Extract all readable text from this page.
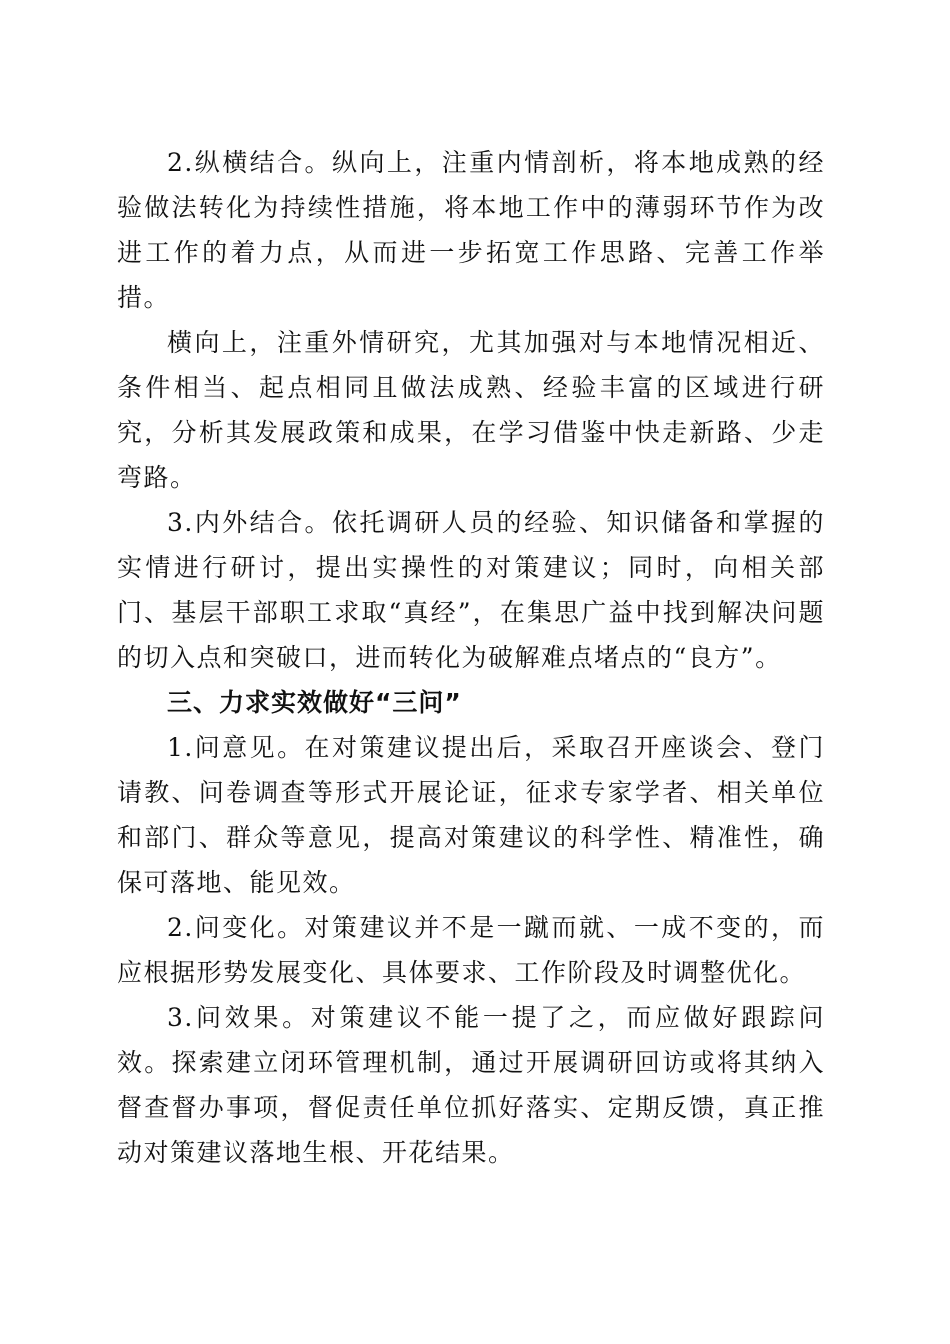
2.纵横结合。纵向上，注重内情剖析，将本地成熟的经验做法转化为持续性措施，将本地工作中的薄弱环节作为改进工作的着力点，从而进一步拓宽工作思路、完善工作举措。

横向上，注重外情研究，尤其加强对与本地情况相近、条件相当、起点相同且做法成熟、经验丰富的区域进行研究，分析其发展政策和成果，在学习借鉴中快走新路、少走弯路。

3.内外结合。依托调研人员的经验、知识储备和掌握的实情进行研讨，提出实操性的对策建议；同时，向相关部门、基层干部职工求取“真经”，在集思广益中找到解决问题的切入点和突破口，进而转化为破解难点堵点的“良方”。

三、力求实效做好“三问”

1.问意见。在对策建议提出后，采取召开座谈会、登门请教、问卷调查等形式开展论证，征求专家学者、相关单位和部门、群众等意见，提高对策建议的科学性、精准性，确保可落地、能见效。

2.问变化。对策建议并不是一蹴而就、一成不变的，而应根据形势发展变化、具体要求、工作阶段及时调整优化。

3.问效果。对策建议不能一提了之，而应做好跟踪问效。探索建立闭环管理机制，通过开展调研回访或将其纳入督查督办事项，督促责任单位抓好落实、定期反馈，真正推动对策建议落地生根、开花结果。
